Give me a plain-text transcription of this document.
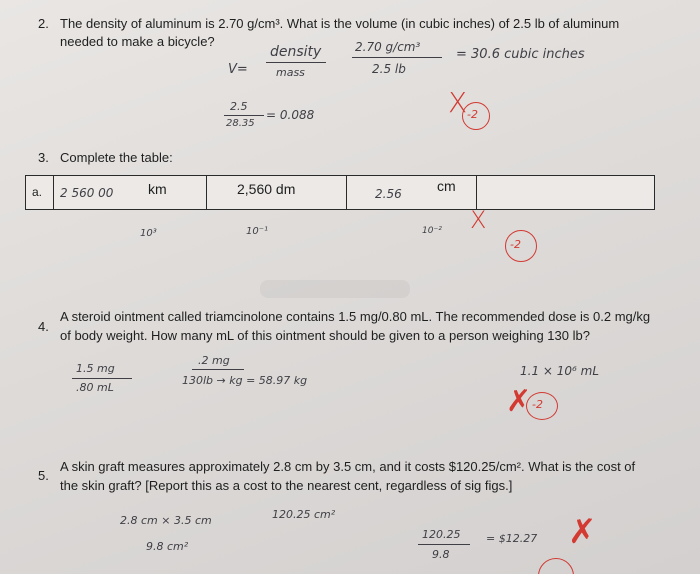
2. The density of aluminum is 2.70 g/cm³. What is the volume (in cubic inches) of 2.5 lb of aluminum
needed to make a bicycle?
V=
density
mass
2.70 g/cm³
2.5 lb
= 30.6 cubic inches
2.5
28.35
= 0.088	X -2
3. Complete the table:
a. 2 560 00 km	2,560 dm	2.56	cm
10³	10⁻¹	10⁻² X
-2
4.
A steroid ointment called triamcinolone contains 1.5 mg/0.80 mL. The recommended dose is 0.2 mg/kg
of body weight. How many mL of this ointment should be given to a person weighing 130 lb?
1.5 mg
.80 mL
.2 mg
130lb → kg = 58.97 kg
1.1 × 10⁶ mL
✗ -2
5.
A skin graft measures approximately 2.8 cm by 3.5 cm, and it costs $120.25/cm². What is the cost of
the skin graft? [Report this as a cost to the nearest cent, regardless of sig figs.]
2.8 cm × 3.5 cm
9.8 cm²
120.25 cm²
120.25
9.8
= $12.27 ✗
